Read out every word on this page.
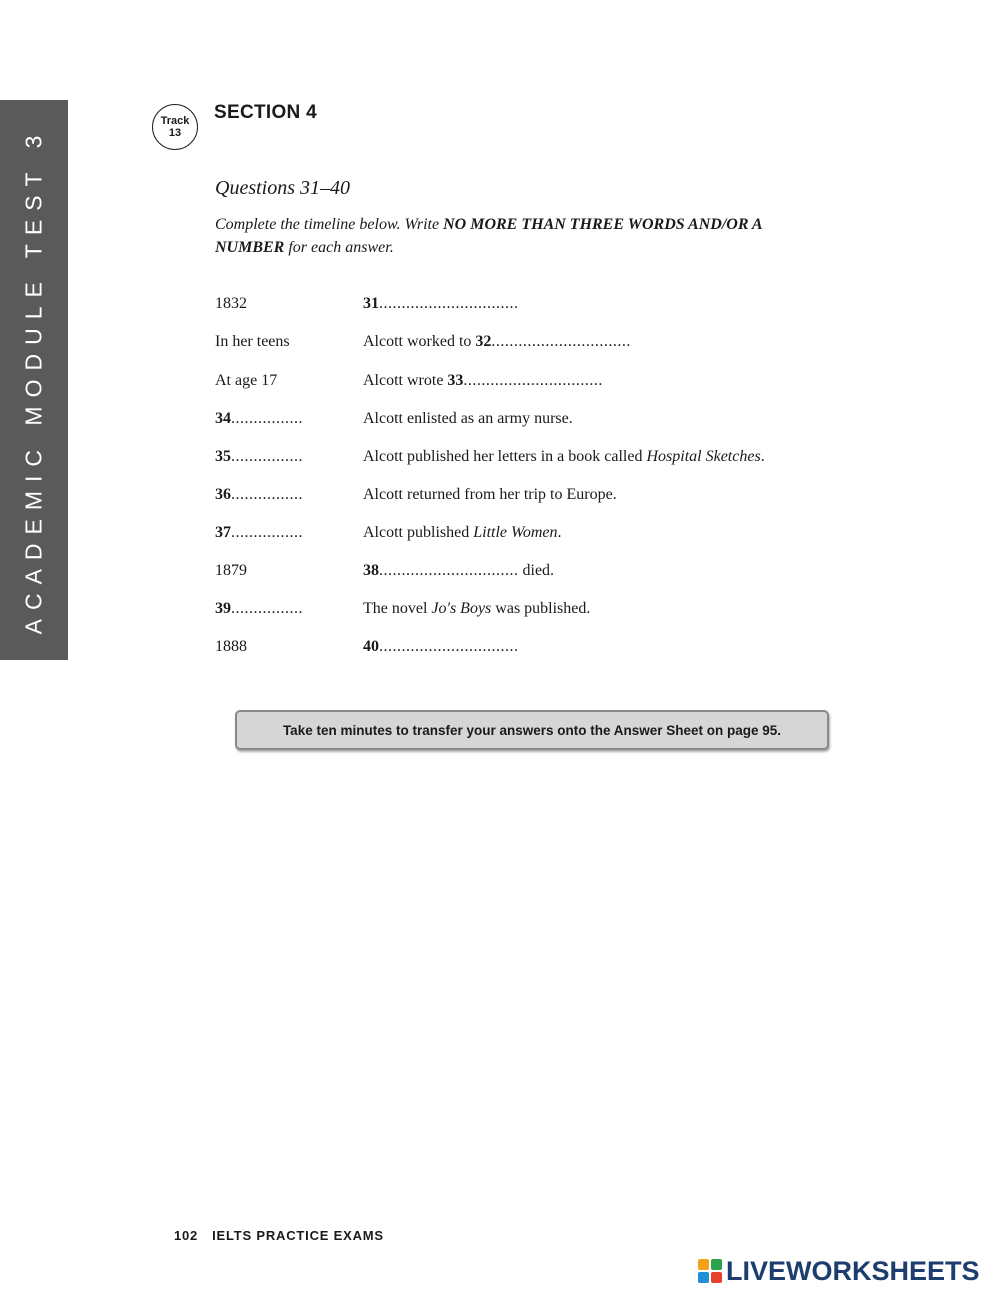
ACADEMIC MODULE TEST 3
Track
13
SECTION 4
Questions 31–40
Complete the timeline below. Write NO MORE THAN THREE WORDS AND/OR A NUMBER for each answer.
1832	31...............................
In her teens	Alcott worked to 32...............................
At age 17	Alcott wrote 33...............................
34................	Alcott enlisted as an army nurse.
35................	Alcott published her letters in a book called Hospital Sketches.
36................	Alcott returned from her trip to Europe.
37................	Alcott published Little Women.
1879	38............................... died.
39................	The novel Jo's Boys was published.
1888	40...............................
Take ten minutes to transfer your answers onto the Answer Sheet on page 95.
102 IELTS PRACTICE EXAMS
LIVEWORKSHEETS
